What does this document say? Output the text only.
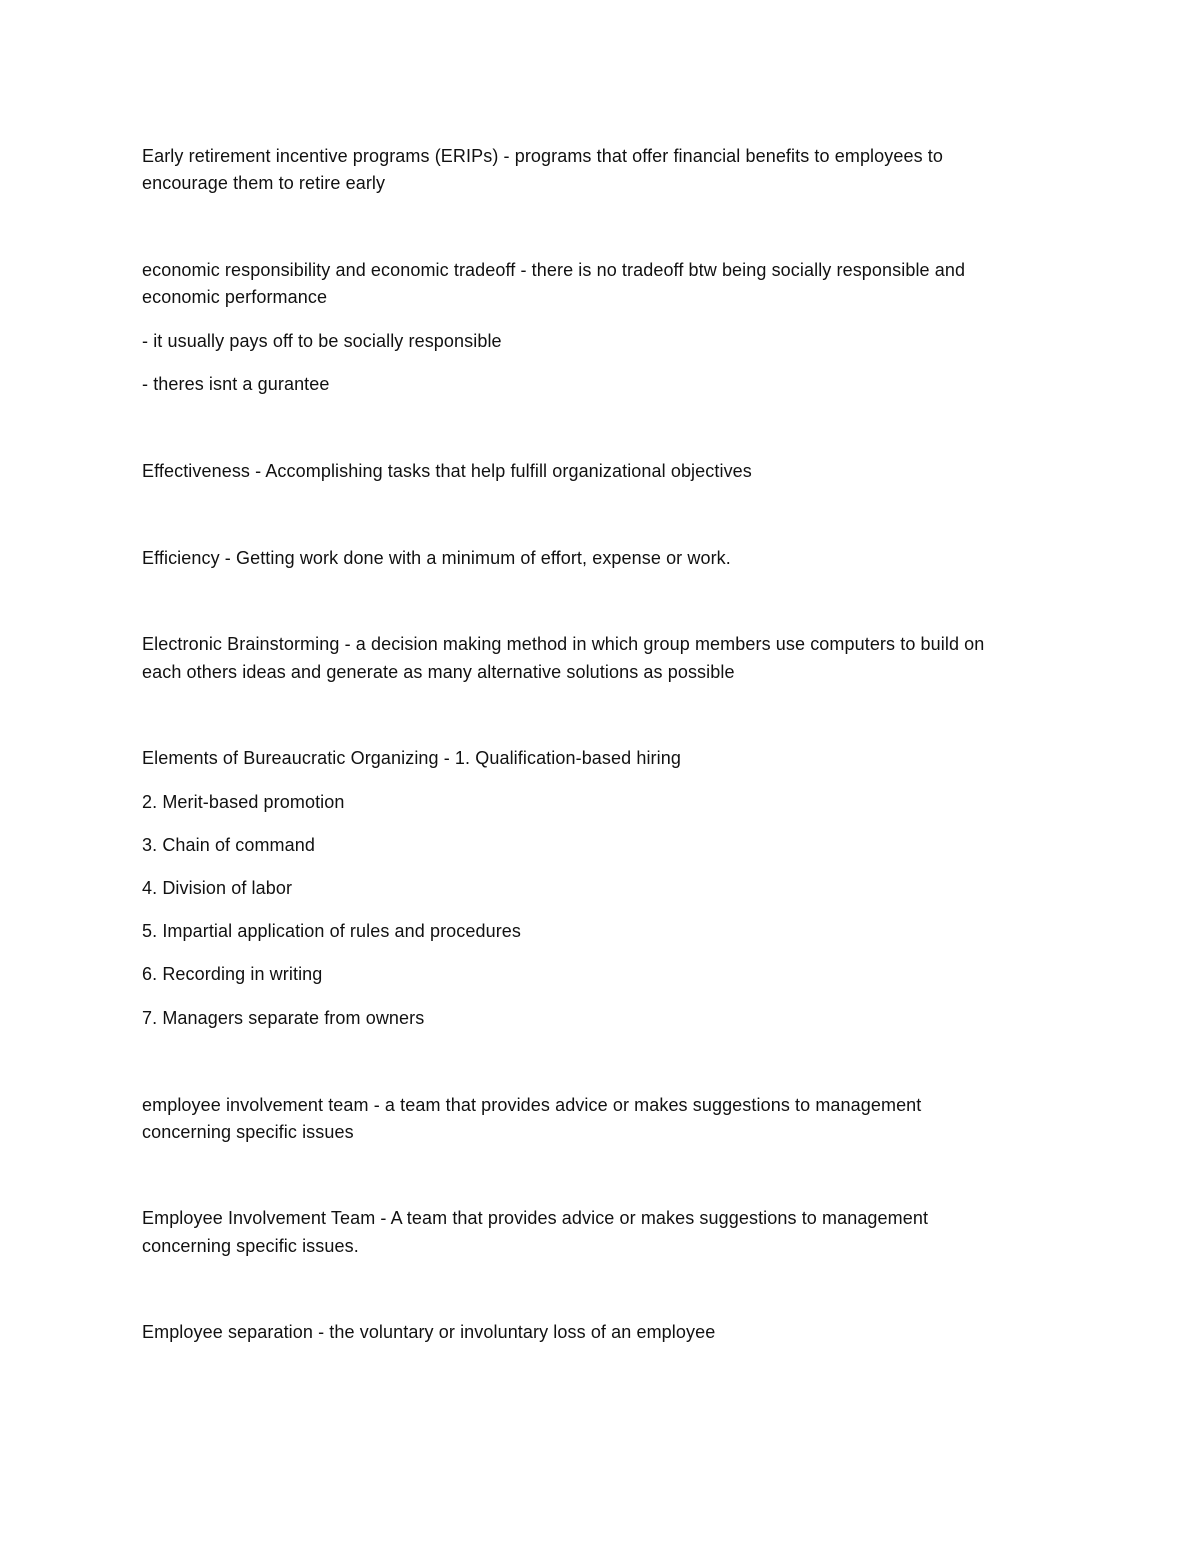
Early retirement incentive programs (ERIPs) - programs that offer financial benefits to employees to
encourage them to retire early
economic responsibility and economic tradeoff - there is no tradeoff btw being socially responsible and
economic performance
- it usually pays off to be socially responsible
- theres isnt a gurantee
Effectiveness - Accomplishing tasks that help fulfill organizational objectives
Efficiency - Getting work done with a minimum of effort, expense or work.
Electronic Brainstorming - a decision making method in which group members use computers to build on
each others ideas and generate as many alternative solutions as possible
Elements of Bureaucratic Organizing - 1. Qualification-based hiring
2. Merit-based promotion
3. Chain of command
4. Division of labor
5. Impartial application of rules and procedures
6. Recording in writing
7. Managers separate from owners
employee involvement team - a team that provides advice or makes suggestions to management
concerning specific issues
Employee Involvement Team - A team that provides advice or makes suggestions to management
concerning specific issues.
Employee separation - the voluntary or involuntary loss of an employee
